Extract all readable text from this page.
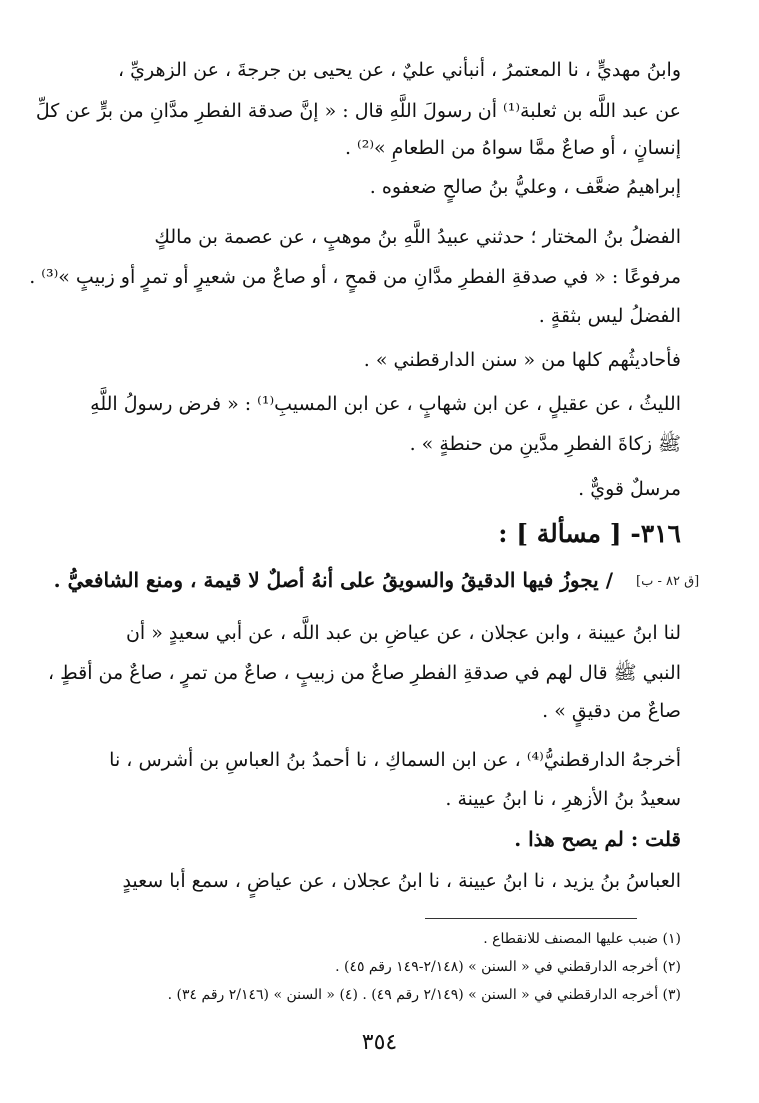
وابنُ مهديٍّ ، نا المعتمرُ ، أنبأني عليٌ ، عن يحيى بن جرجةَ ، عن الزهريِّ ،
عن عبد اللَّه بن ثعلبة⁽¹⁾ أن رسولَ اللَّهِ قال : « إنَّ صدقة الفطرِ مدَّانِ من برٍّ عن كلِّ
إنسانٍ ، أو صاعٌ ممَّا سواهُ من الطعامِ »⁽²⁾ .
إبراهيمُ ضعَّف ، وعليُّ بنُ صالحٍ ضعفوه .
الفضلُ بنُ المختار ؛ حدثني عبيدُ اللَّهِ بنُ موهبٍ ، عن عصمة بن مالكٍ
مرفوعًا : « في صدقةِ الفطرِ مدَّانِ من قمحٍ ، أو صاعٌ من شعيرٍ أو تمرٍ أو زبيبٍ »⁽³⁾ .
الفضلُ ليس بثقةٍ .
فأحاديثُهم كلها من « سنن الدارقطني » .
الليثُ ، عن عقيلٍ ، عن ابن شهابٍ ، عن ابن المسيبِ⁽¹⁾ : « فرض رسولُ اللَّهِ
ﷺ زكاةَ الفطرِ مدَّينِ من حنطةٍ » .
مرسلٌ قويٌّ .
٣١٦- [ مسألة ] :
[ق ٨٢ - ب]
/ يجوزُ فيها الدقيقُ والسويقُ على أنهُ أصلٌ لا قيمة ، ومنع الشافعيُّ .
لنا ابنُ عيينة ، وابن عجلان ، عن عياضِ بن عبد اللَّه ، عن أبي سعيدٍ « أن
النبي ﷺ قال لهم في صدقةِ الفطرِ صاعٌ من زبيبٍ ، صاعٌ من تمرٍ ، صاعٌ من أقطٍ ،
صاعٌ من دقيقٍ » .
أخرجهُ الدارقطنيُّ⁽⁴⁾ ، عن ابن السماكِ ، نا أحمدُ بنُ العباسِ بن أشرس ، نا
سعيدُ بنُ الأزهرِ ، نا ابنُ عيينة .
قلت : لم يصح هذا .
العباسُ بنُ يزيد ، نا ابنُ عيينة ، نا ابنُ عجلان ، عن عياضٍ ، سمع أبا سعيدٍ
(١) ضبب عليها المصنف للانقطاع .
(٢) أخرجه الدارقطني في « السنن » (٢/١٤٨-١٤٩ رقم ٤٥) .
(٣) أخرجه الدارقطني في « السنن » (٢/١٤٩ رقم ٤٩) . (٤) « السنن » (٢/١٤٦ رقم ٣٤) .
٣٥٤
